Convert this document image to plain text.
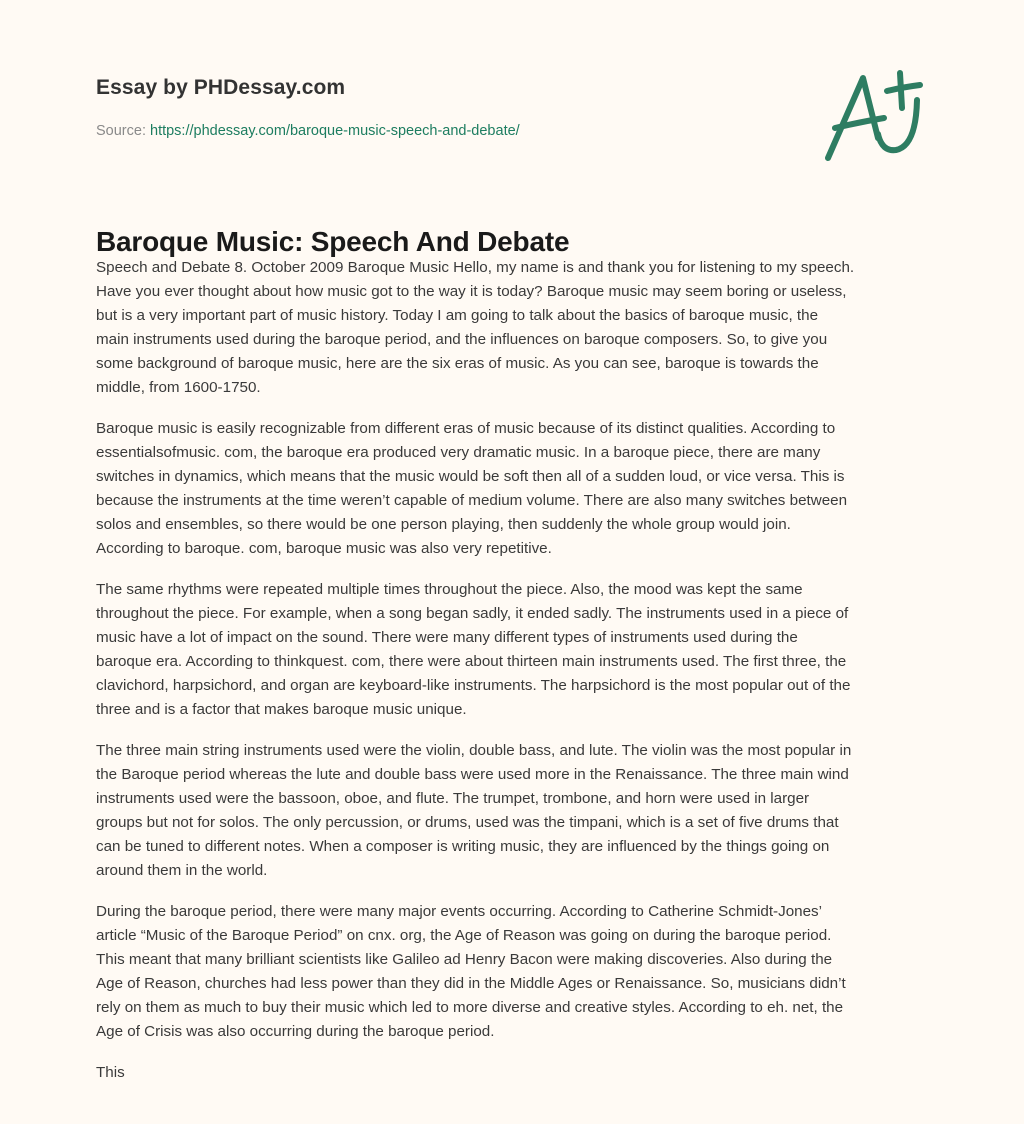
Essay by PHDessay.com
Source: https://phdessay.com/baroque-music-speech-and-debate/
Baroque Music: Speech And Debate
Speech and Debate 8. October 2009 Baroque Music Hello, my name is and thank you for listening to my speech.
Have you ever thought about how music got to the way it is today? Baroque music may seem boring or useless,
but is a very important part of music history. Today I am going to talk about the basics of baroque music, the
main instruments used during the baroque period, and the influences on baroque composers. So, to give you
some background of baroque music, here are the six eras of music. As you can see, baroque is towards the
middle, from 1600-1750.
Baroque music is easily recognizable from different eras of music because of its distinct qualities. According to
essentialsofmusic. com, the baroque era produced very dramatic music. In a baroque piece, there are many
switches in dynamics, which means that the music would be soft then all of a sudden loud, or vice versa. This is
because the instruments at the time weren’t capable of medium volume. There are also many switches between
solos and ensembles, so there would be one person playing, then suddenly the whole group would join.
According to baroque. com, baroque music was also very repetitive.
The same rhythms were repeated multiple times throughout the piece. Also, the mood was kept the same
throughout the piece. For example, when a song began sadly, it ended sadly. The instruments used in a piece of
music have a lot of impact on the sound. There were many different types of instruments used during the
baroque era. According to thinkquest. com, there were about thirteen main instruments used. The first three, the
clavichord, harpsichord, and organ are keyboard-like instruments. The harpsichord is the most popular out of the
three and is a factor that makes baroque music unique.
The three main string instruments used were the violin, double bass, and lute. The violin was the most popular in
the Baroque period whereas the lute and double bass were used more in the Renaissance. The three main wind
instruments used were the bassoon, oboe, and flute. The trumpet, trombone, and horn were used in larger
groups but not for solos. The only percussion, or drums, used was the timpani, which is a set of five drums that
can be tuned to different notes. When a composer is writing music, they are influenced by the things going on
around them in the world.
During the baroque period, there were many major events occurring. According to Catherine Schmidt-Jones’
article “Music of the Baroque Period” on cnx. org, the Age of Reason was going on during the baroque period.
This meant that many brilliant scientists like Galileo ad Henry Bacon were making discoveries. Also during the
Age of Reason, churches had less power than they did in the Middle Ages or Renaissance. So, musicians didn’t
rely on them as much to buy their music which led to more diverse and creative styles. According to eh. net, the
Age of Crisis was also occurring during the baroque period.
This
